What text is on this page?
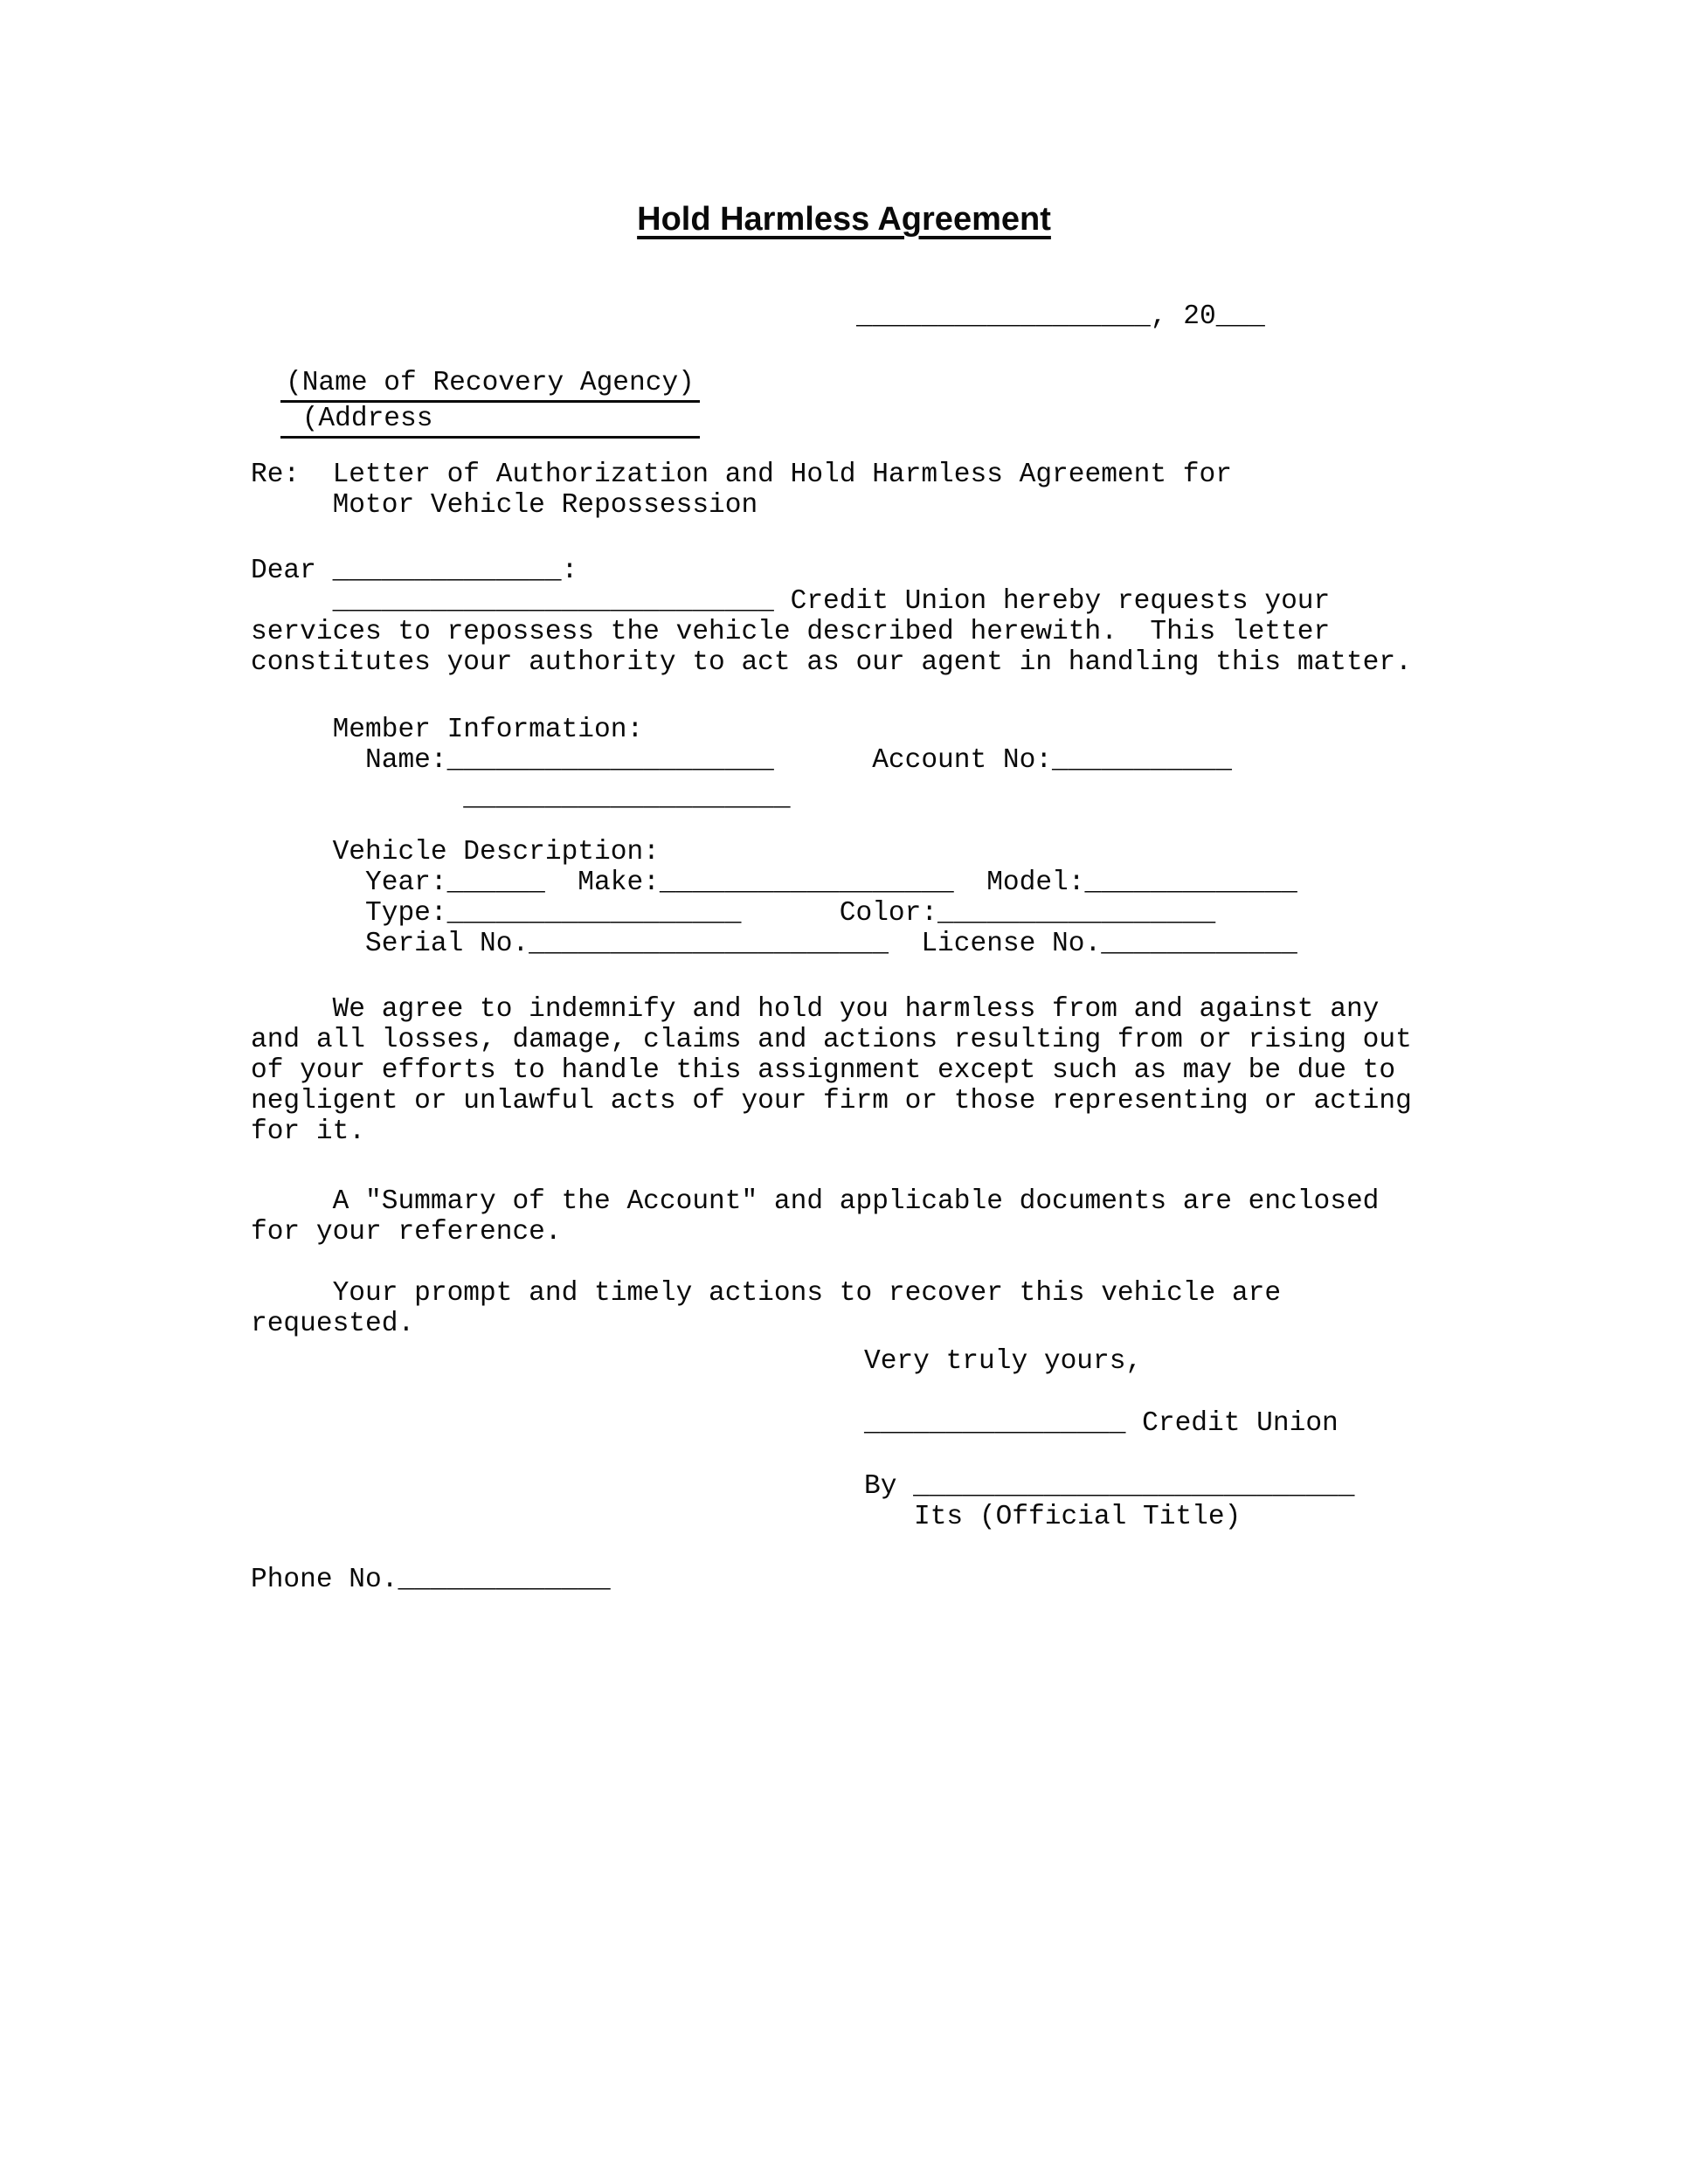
Hold Harmless Agreement
__________________, 20___
(Name of Recovery Agency)
(Address
Re:  Letter of Authorization and Hold Harmless Agreement for
Motor Vehicle Repossession
Dear ______________:
___________________________ Credit Union hereby requests your
services to repossess the vehicle described herewith.  This letter
constitutes your authority to act as our agent in handling this matter.
Member Information:
Name:____________________      Account No:___________
____________________
Vehicle Description:
Year:______  Make:__________________  Model:_____________
Type:__________________      Color:_________________
Serial No.______________________  License No.____________
We agree to indemnify and hold you harmless from and against any
and all losses, damage, claims and actions resulting from or rising out
of your efforts to handle this assignment except such as may be due to
negligent or unlawful acts of your firm or those representing or acting
for it.
A "Summary of the Account" and applicable documents are enclosed
for your reference.
Your prompt and timely actions to recover this vehicle are
requested.
Very truly yours,
________________ Credit Union
By ___________________________
Its (Official Title)
Phone No._____________
